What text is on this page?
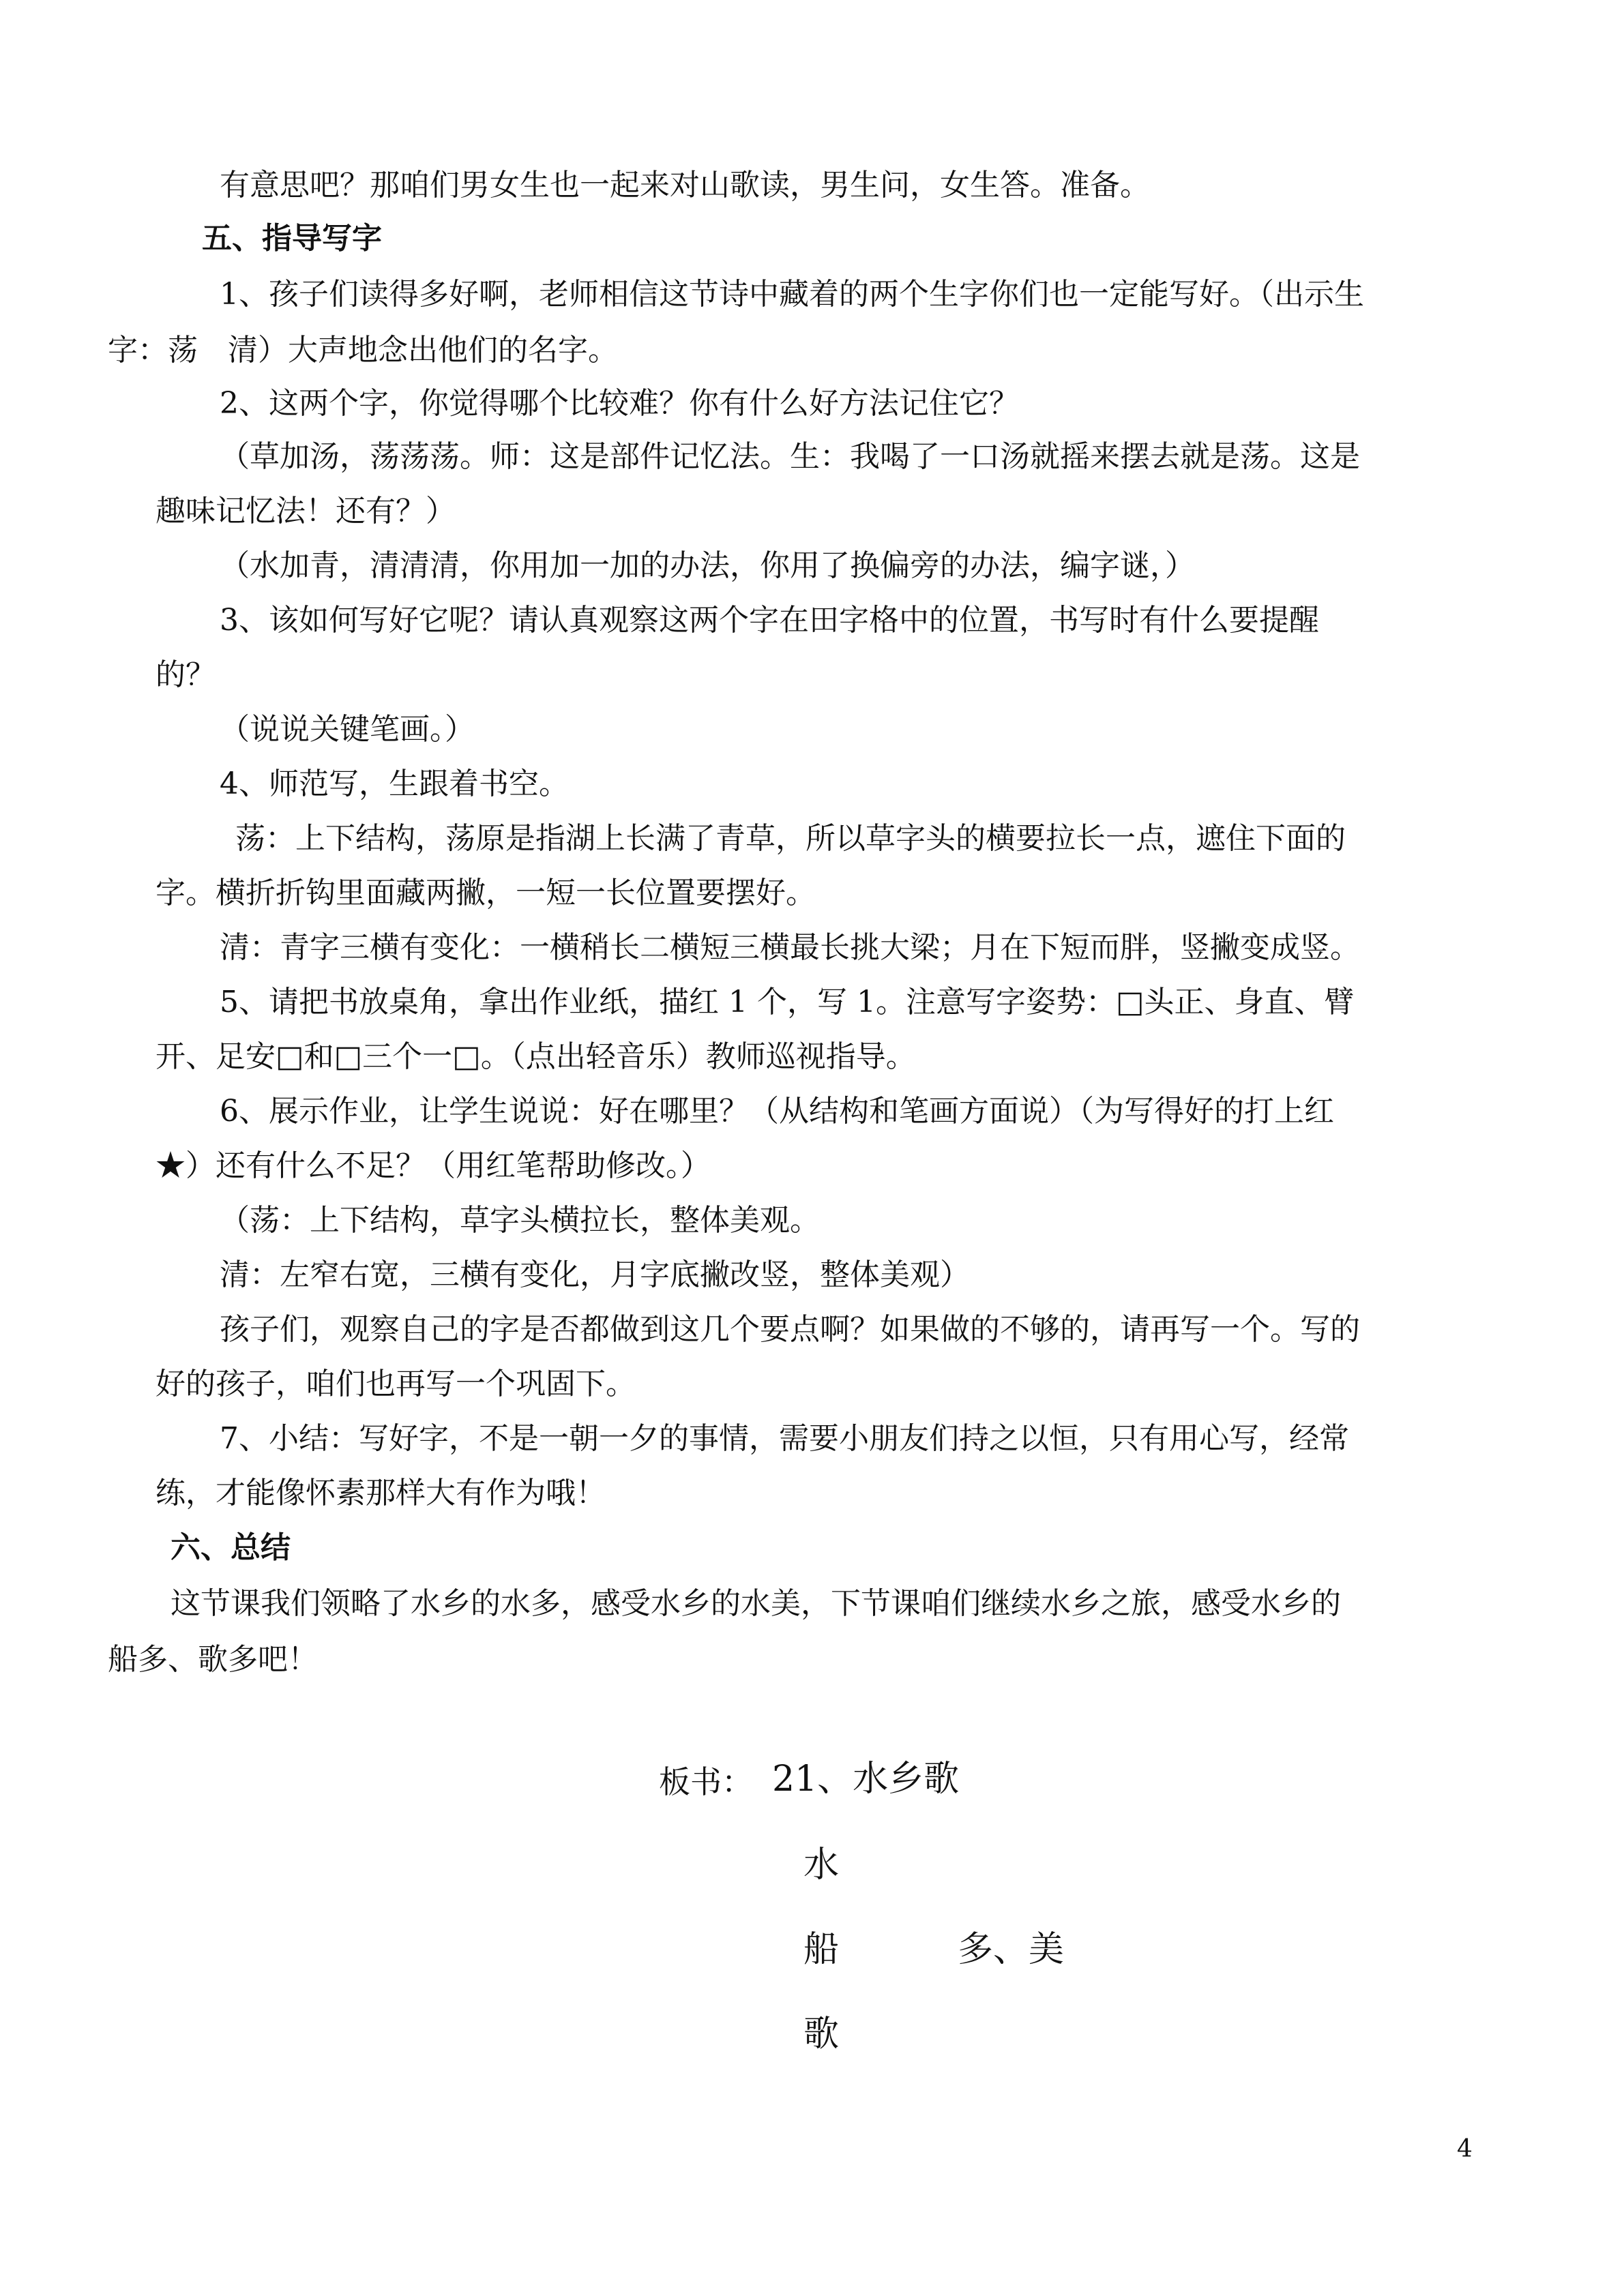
有意思吧？那咱们男女生也一起来对山歌读，男生问，女生答。准备。
五、指导写字
1、孩子们读得多好啊，老师相信这节诗中藏着的两个生字你们也一定能写好。（出示生
字：荡　清）大声地念出他们的名字。
2、这两个字，你觉得哪个比较难？你有什么好方法记住它？
（草加汤，荡荡荡。师：这是部件记忆法。生：我喝了一口汤就摇来摆去就是荡。这是
趣味记忆法！还有？）
（水加青，清清清，你用加一加的办法，你用了换偏旁的办法，编字谜，）
3、该如何写好它呢？请认真观察这两个字在田字格中的位置，书写时有什么要提醒
的？
（说说关键笔画。）
4、师范写，生跟着书空。
荡：上下结构，荡原是指湖上长满了青草，所以草字头的横要拉长一点，遮住下面的
字。横折折钩里面藏两撇，一短一长位置要摆好。
清：青字三横有变化：一横稍长二横短三横最长挑大梁；月在下短而胖，竖撇变成竖。
5、请把书放桌角，拿出作业纸，描红 1 个，写 1。注意写字姿势：□头正、身直、臂
开、足安□和□三个一□。（点出轻音乐）教师巡视指导。
6、展示作业，让学生说说：好在哪里？（从结构和笔画方面说）（为写得好的打上红
★）还有什么不足？（用红笔帮助修改。）
（荡：上下结构，草字头横拉长，整体美观。
清：左窄右宽，三横有变化，月字底撇改竖，整体美观）
孩子们，观察自己的字是否都做到这几个要点啊？如果做的不够的，请再写一个。写的
好的孩子，咱们也再写一个巩固下。
7、小结：写好字，不是一朝一夕的事情，需要小朋友们持之以恒，只有用心写，经常
练，才能像怀素那样大有作为哦！
六、总结
这节课我们领略了水乡的水多，感受水乡的水美，下节课咱们继续水乡之旅，感受水乡的
船多、歌多吧！
板书： 21、水乡歌
水
船	多、美
歌
4
